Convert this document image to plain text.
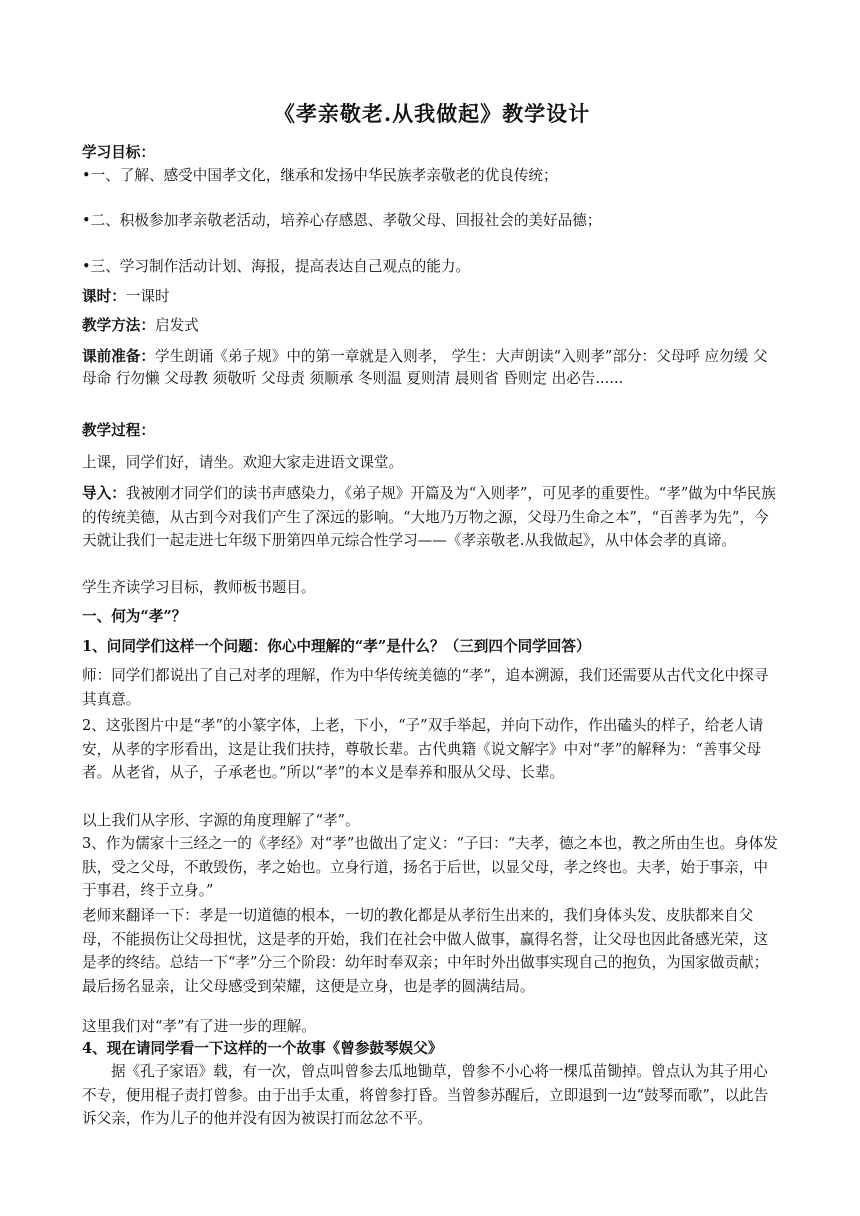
《孝亲敬老.从我做起》教学设计
学习目标：
•一、了解、感受中国孝文化，继承和发扬中华民族孝亲敬老的优良传统；
•二、积极参加孝亲敬老活动，培养心存感恩、孝敬父母、回报社会的美好品德；
•三、学习制作活动计划、海报，提高表达自己观点的能力。
课时：一课时
教学方法：启发式
课前准备：学生朗诵《弟子规》中的第一章就是入则孝， 学生：大声朗读“入则孝”部分：父母呼 应勿缓 父母命 行勿懒 父母教 须敬听 父母责 须顺承 冬则温 夏则清 晨则省 昏则定 出必告......
教学过程：
上课，同学们好，请坐。欢迎大家走进语文课堂。
导入：我被刚才同学们的读书声感染力，《弟子规》开篇及为“入则孝”，可见孝的重要性。“孝”做为中华民族的传统美德，从古到今对我们产生了深远的影响。“大地乃万物之源，父母乃生命之本”，“百善孝为先”，今天就让我们一起走进七年级下册第四单元综合性学习——《孝亲敬老.从我做起》，从中体会孝的真谛。
学生齐读学习目标，教师板书题目。
一、何为“孝”？
1、问同学们这样一个问题：你心中理解的“孝”是什么？（三到四个同学回答）
师：同学们都说出了自己对孝的理解，作为中华传统美德的“孝”，追本溯源，我们还需要从古代文化中探寻其真意。
2、这张图片中是“孝”的小篆字体，上老，下小，“子”双手举起，并向下动作，作出磕头的样子，给老人请安，从孝的字形看出，这是让我们扶持，尊敬长辈。古代典籍《说文解字》中对“孝”的解释为：“善事父母者。从老省，从子，子承老也。”所以“孝”的本义是奉养和服从父母、长辈。
以上我们从字形、字源的角度理解了“孝”。
3、作为儒家十三经之一的《孝经》对“孝”也做出了定义：“子曰：“夫孝，德之本也，教之所由生也。身体发肤，受之父母，不敢毁伤，孝之始也。立身行道，扬名于后世，以显父母，孝之终也。夫孝，始于事亲，中于事君，终于立身。”
老师来翻译一下：孝是一切道德的根本，一切的教化都是从孝衍生出来的，我们身体头发、皮肤都来自父母，不能损伤让父母担忧，这是孝的开始，我们在社会中做人做事，赢得名誉，让父母也因此备感光荣，这是孝的终结。总结一下“孝”分三个阶段：幼年时奉双亲；中年时外出做事实现自己的抱负，为国家做贡献；最后扬名显亲，让父母感受到荣耀，这便是立身，也是孝的圆满结局。
这里我们对“孝”有了进一步的理解。
4、现在请同学看一下这样的一个故事《曾参鼓琴娱父》
据《孔子家语》载，有一次，曾点叫曾参去瓜地锄草，曾参不小心将一棵瓜苗锄掉。曾点认为其子用心不专，便用棍子责打曾参。由于出手太重，将曾参打昏。当曾参苏醒后，立即退到一边“鼓琴而歌”，以此告诉父亲，作为儿子的他并没有因为被误打而忿忿不平。
